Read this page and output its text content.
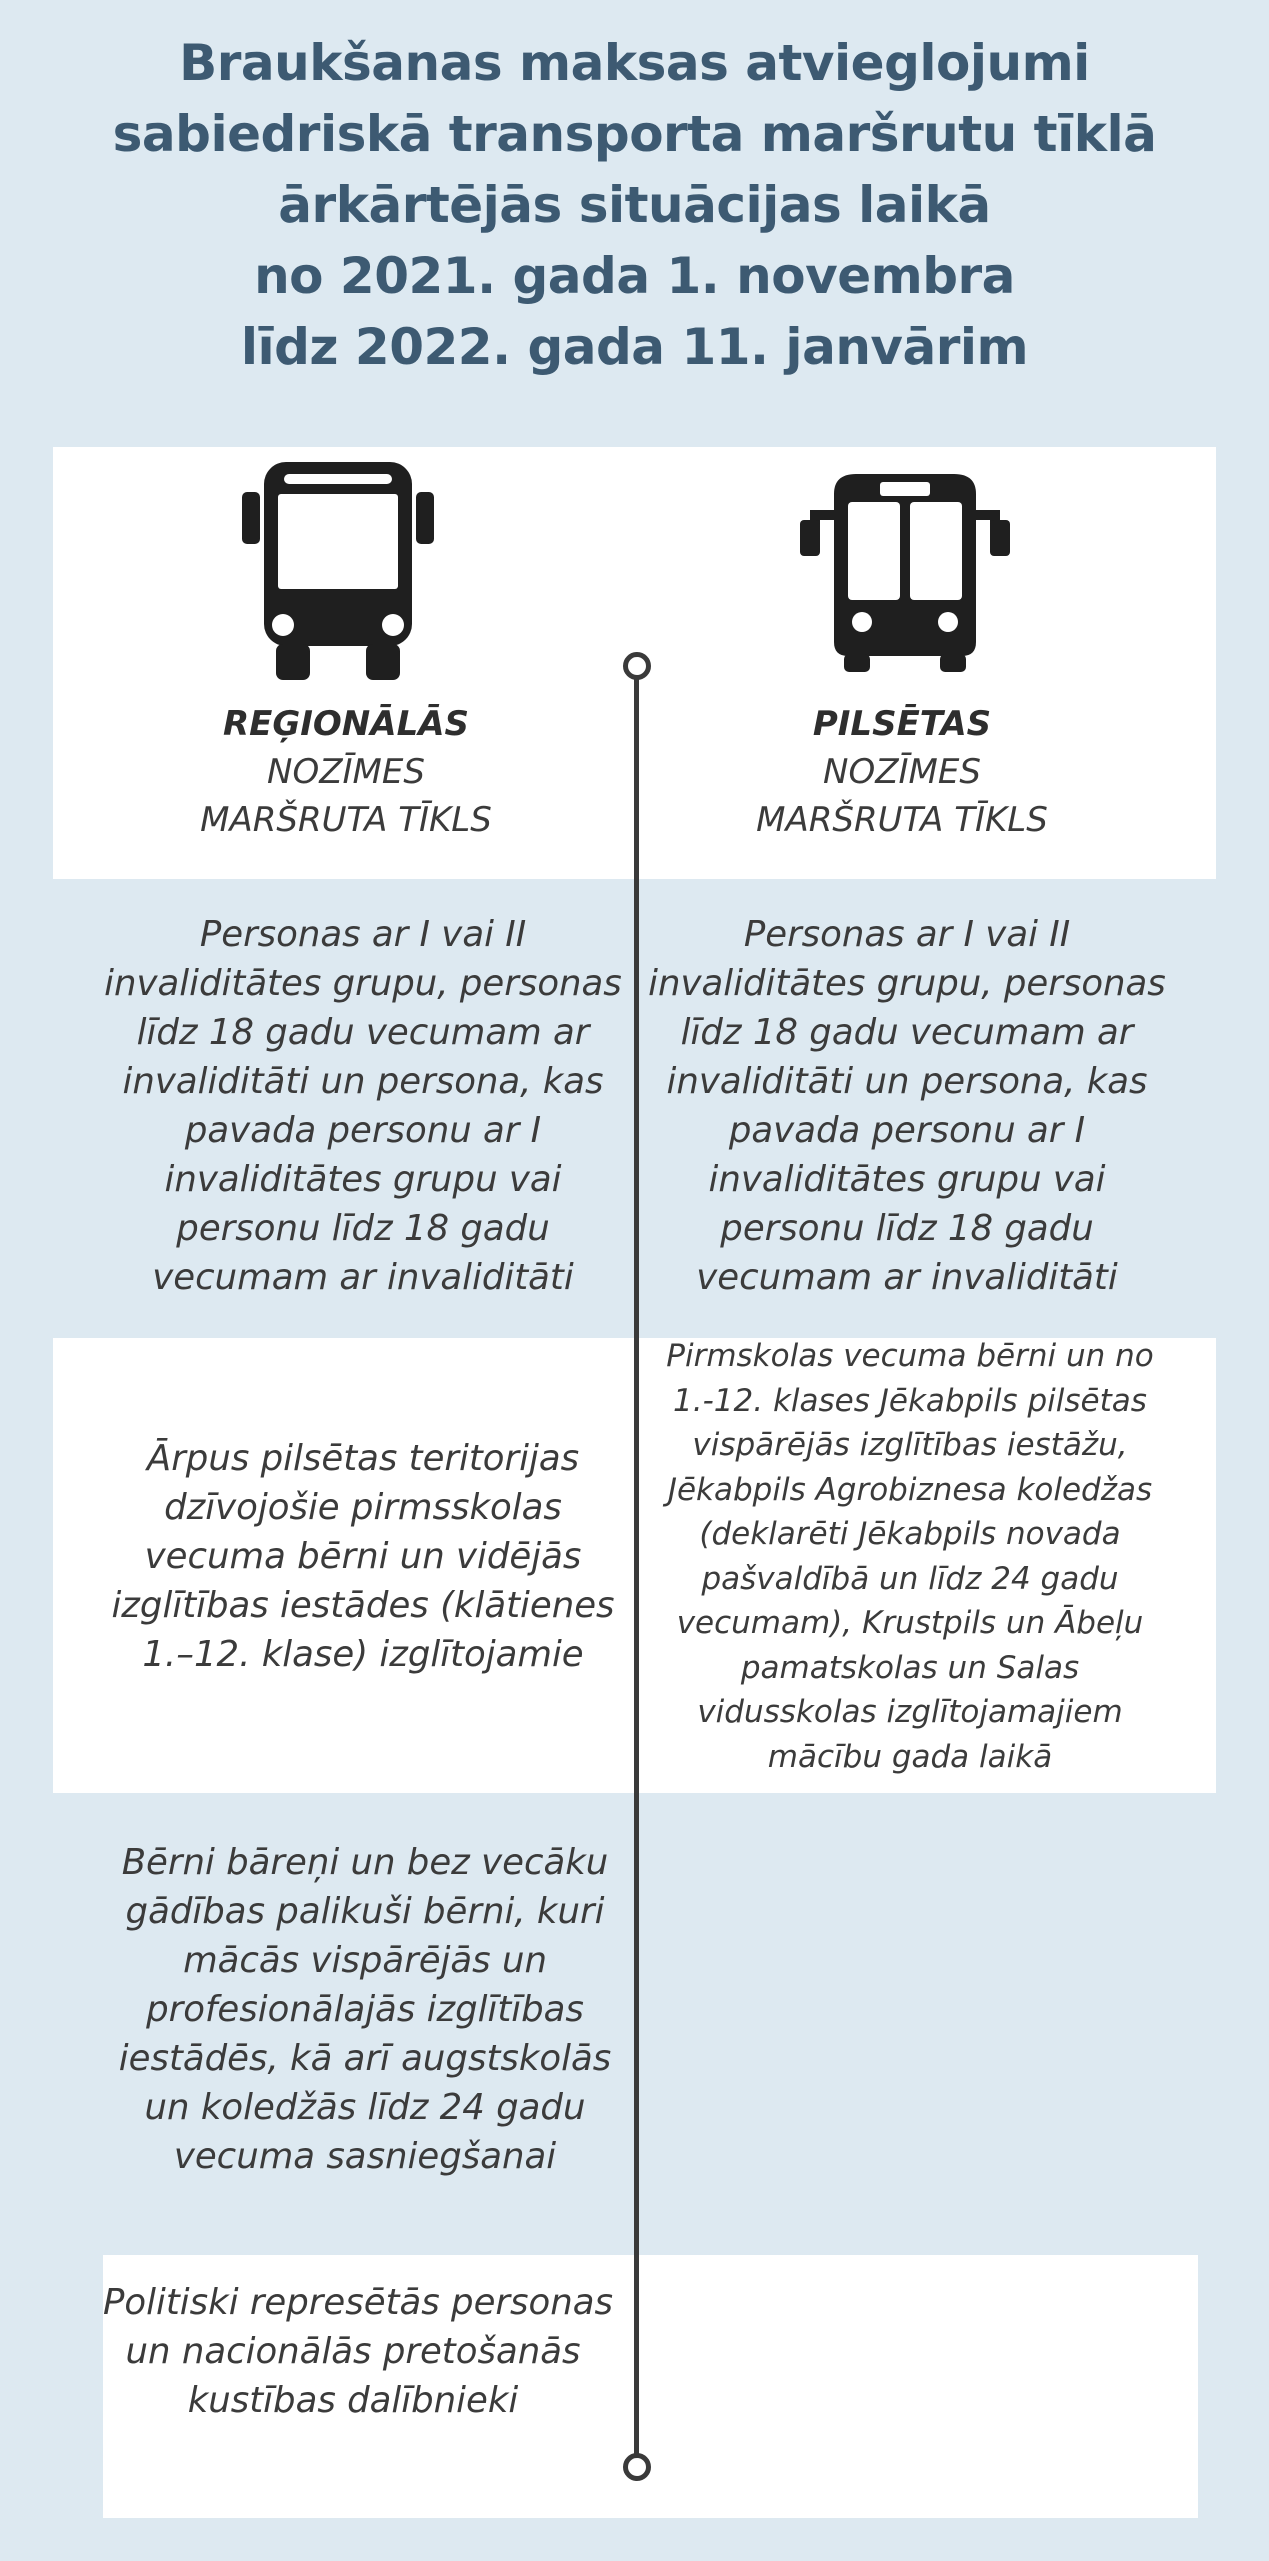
Braukšanas maksas atvieglojumi
sabiedriskā transporta maršrutu tīklā
ārkārtējās situācijas laikā
no 2021. gada 1. novembra
līdz 2022. gada 11. janvārim
REĢIONĀLĀS
NOZĪMES
MARŠRUTA TĪKLS
PILSĒTAS
NOZĪMES
MARŠRUTA TĪKLS
Personas ar I vai II
invaliditātes grupu, personas
līdz 18 gadu vecumam ar
invaliditāti un persona, kas
pavada personu ar I
invaliditātes grupu vai
personu līdz 18 gadu
vecumam ar invaliditāti
Personas ar I vai II
invaliditātes grupu, personas
līdz 18 gadu vecumam ar
invaliditāti un persona, kas
pavada personu ar I
invaliditātes grupu vai
personu līdz 18 gadu
vecumam ar invaliditāti
Ārpus pilsētas teritorijas
dzīvojošie pirmsskolas
vecuma bērni un vidējās
izglītības iestādes (klātienes
1.–12. klase) izglītojamie
Pirmskolas vecuma bērni un no
1.-12. klases Jēkabpils pilsētas
vispārējās izglītības iestāžu,
Jēkabpils Agrobiznesa koledžas
(deklarēti Jēkabpils novada
pašvaldībā un līdz 24 gadu
vecumam), Krustpils un Ābeļu
pamatskolas un Salas
vidusskolas izglītojamajiem
mācību gada laikā
Bērni bāreņi un bez vecāku
gādības palikuši bērni, kuri
mācās vispārējās un
profesionālajās izglītības
iestādēs, kā arī augstskolās
un koledžās līdz 24 gadu
vecuma sasniegšanai
Politiski represētās personas
un nacionālās pretošanās
kustības dalībnieki
